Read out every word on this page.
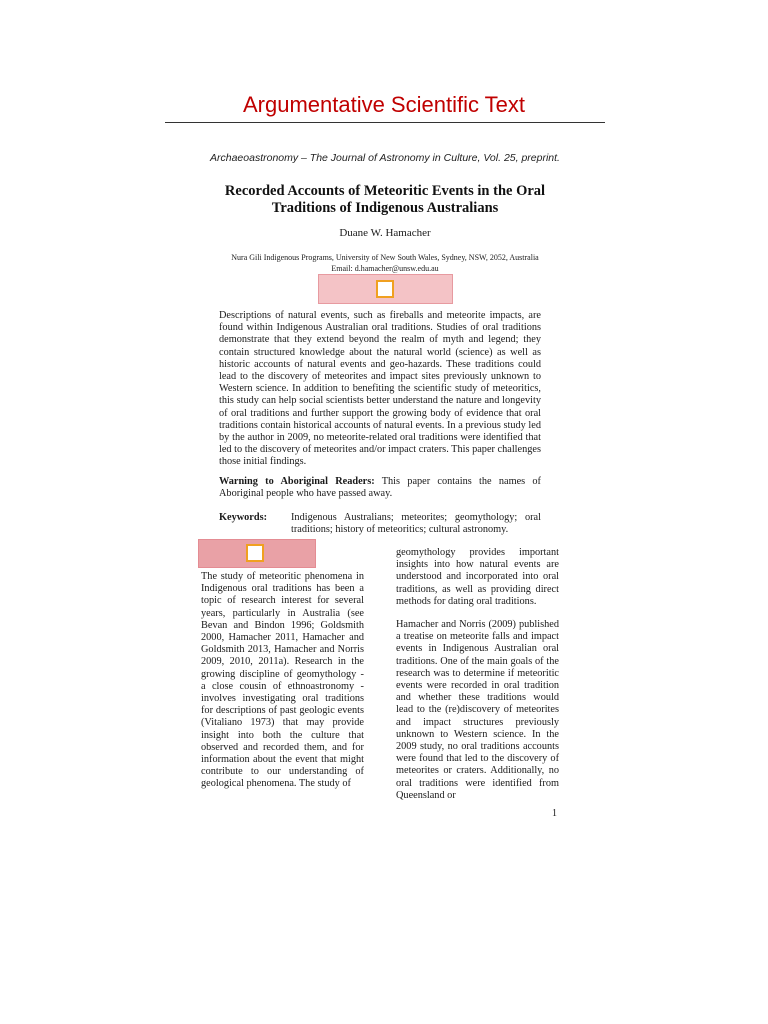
Argumentative Scientific Text
Archaeoastronomy – The Journal of Astronomy in Culture, Vol. 25, preprint.
Recorded Accounts of Meteoritic Events in the Oral Traditions of Indigenous Australians
Duane W. Hamacher
Nura Gili Indigenous Programs, University of New South Wales, Sydney, NSW, 2052, Australia
Email: d.hamacher@unsw.edu.au
Descriptions of natural events, such as fireballs and meteorite impacts, are found within Indigenous Australian oral traditions. Studies of oral traditions demonstrate that they extend beyond the realm of myth and legend; they contain structured knowledge about the natural world (science) as well as historic accounts of natural events and geo-hazards. These traditions could lead to the discovery of meteorites and impact sites previously unknown to Western science. In addition to benefiting the scientific study of meteoritics, this study can help social scientists better understand the nature and longevity of oral traditions and further support the growing body of evidence that oral traditions contain historical accounts of natural events. In a previous study led by the author in 2009, no meteorite-related oral traditions were identified that led to the discovery of meteorites and/or impact craters. This paper challenges those initial findings.
Warning to Aboriginal Readers: This paper contains the names of Aboriginal people who have passed away.
Keywords: Indigenous Australians; meteorites; geomythology; oral traditions; history of meteoritics; cultural astronomy.
The study of meteoritic phenomena in Indigenous oral traditions has been a topic of research interest for several years, particularly in Australia (see Bevan and Bindon 1996; Goldsmith 2000, Hamacher 2011, Hamacher and Goldsmith 2013, Hamacher and Norris 2009, 2010, 2011a). Research in the growing discipline of geomythology - a close cousin of ethnoastronomy - involves investigating oral traditions for descriptions of past geologic events (Vitaliano 1973) that may provide insight into both the culture that observed and recorded them, and for information about the event that might contribute to our understanding of geological phenomena. The study of
geomythology provides important insights into how natural events are understood and incorporated into oral traditions, as well as providing direct methods for dating oral traditions.
Hamacher and Norris (2009) published a treatise on meteorite falls and impact events in Indigenous Australian oral traditions. One of the main goals of the research was to determine if meteoritic events were recorded in oral tradition and whether these traditions would lead to the (re)discovery of meteorites and impact structures previously unknown to Western science. In the 2009 study, no oral traditions accounts were found that led to the discovery of meteorites or craters. Additionally, no oral traditions were identified from Queensland or
1
